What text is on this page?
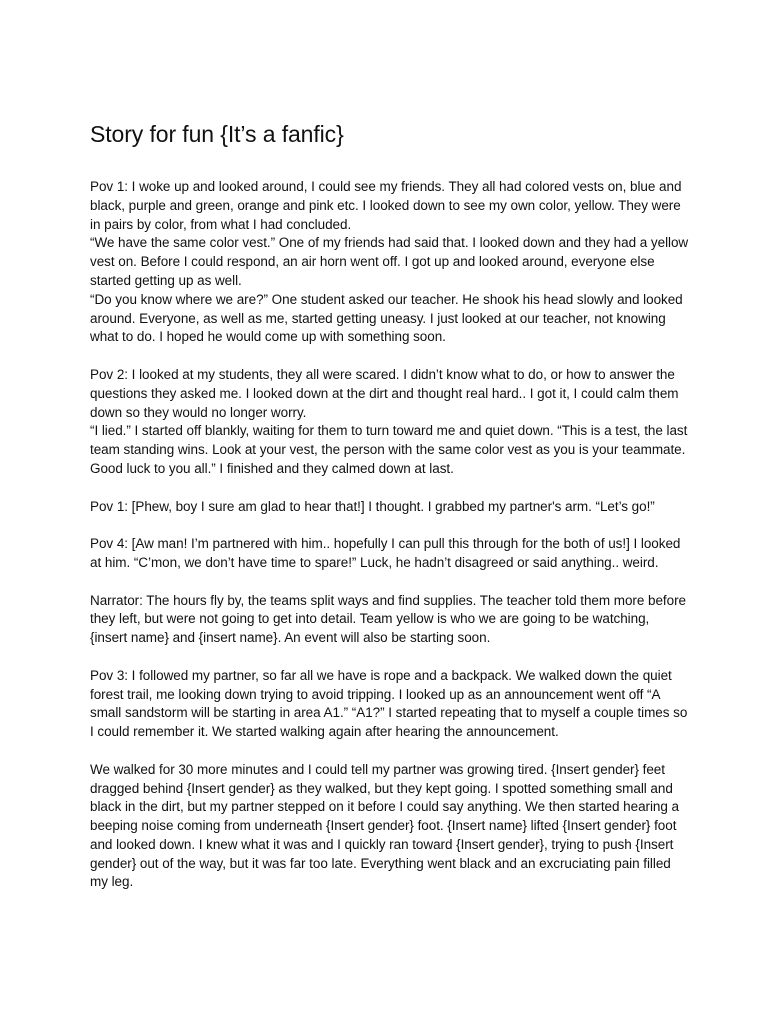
Story for fun {It’s a fanfic}

Pov 1: I woke up and looked around, I could see my friends. They all had colored vests on, blue and black, purple and green, orange and pink etc. I looked down to see my own color, yellow. They were in pairs by color, from what I had concluded.

“We have the same color vest.” One of my friends had said that. I looked down and they had a yellow vest on. Before I could respond, an air horn went off. I got up and looked around, everyone else started getting up as well.

“Do you know where we are?” One student asked our teacher. He shook his head slowly and looked around. Everyone, as well as me, started getting uneasy. I just looked at our teacher, not knowing what to do. I hoped he would come up with something soon.

Pov 2: I looked at my students, they all were scared. I didn’t know what to do, or how to answer the questions they asked me. I looked down at the dirt and thought real hard.. I got it, I could calm them down so they would no longer worry.

“I lied.” I started off blankly, waiting for them to turn toward me and quiet down. “This is a test, the last team standing wins. Look at your vest, the person with the same color vest as you is your teammate. Good luck to you all.” I finished and they calmed down at last.

Pov 1: [Phew, boy I sure am glad to hear that!] I thought. I grabbed my partner's arm. “Let’s go!”

Pov 4: [Aw man! I’m partnered with him.. hopefully I can pull this through for the both of us!] I looked at him. “C’mon, we don’t have time to spare!” Luck, he hadn’t disagreed or said anything.. weird.

Narrator: The hours fly by, the teams split ways and find supplies. The teacher told them more before they left, but were not going to get into detail. Team yellow is who we are going to be watching, {insert name} and {insert name}. An event will also be starting soon.

Pov 3: I followed my partner, so far all we have is rope and a backpack. We walked down the quiet forest trail, me looking down trying to avoid tripping. I looked up as an announcement went off “A small sandstorm will be starting in area A1.” “A1?” I started repeating that to myself a couple times so I could remember it. We started walking again after hearing the announcement.

We walked for 30 more minutes and I could tell my partner was growing tired. {Insert gender} feet dragged behind {Insert gender} as they walked, but they kept going. I spotted something small and black in the dirt, but my partner stepped on it before I could say anything. We then started hearing a beeping noise coming from underneath {Insert gender} foot. {Insert name} lifted {Insert gender} foot and looked down. I knew what it was and I quickly ran toward {Insert gender}, trying to push {Insert gender} out of the way, but it was far too late. Everything went black and an excruciating pain filled my leg.
